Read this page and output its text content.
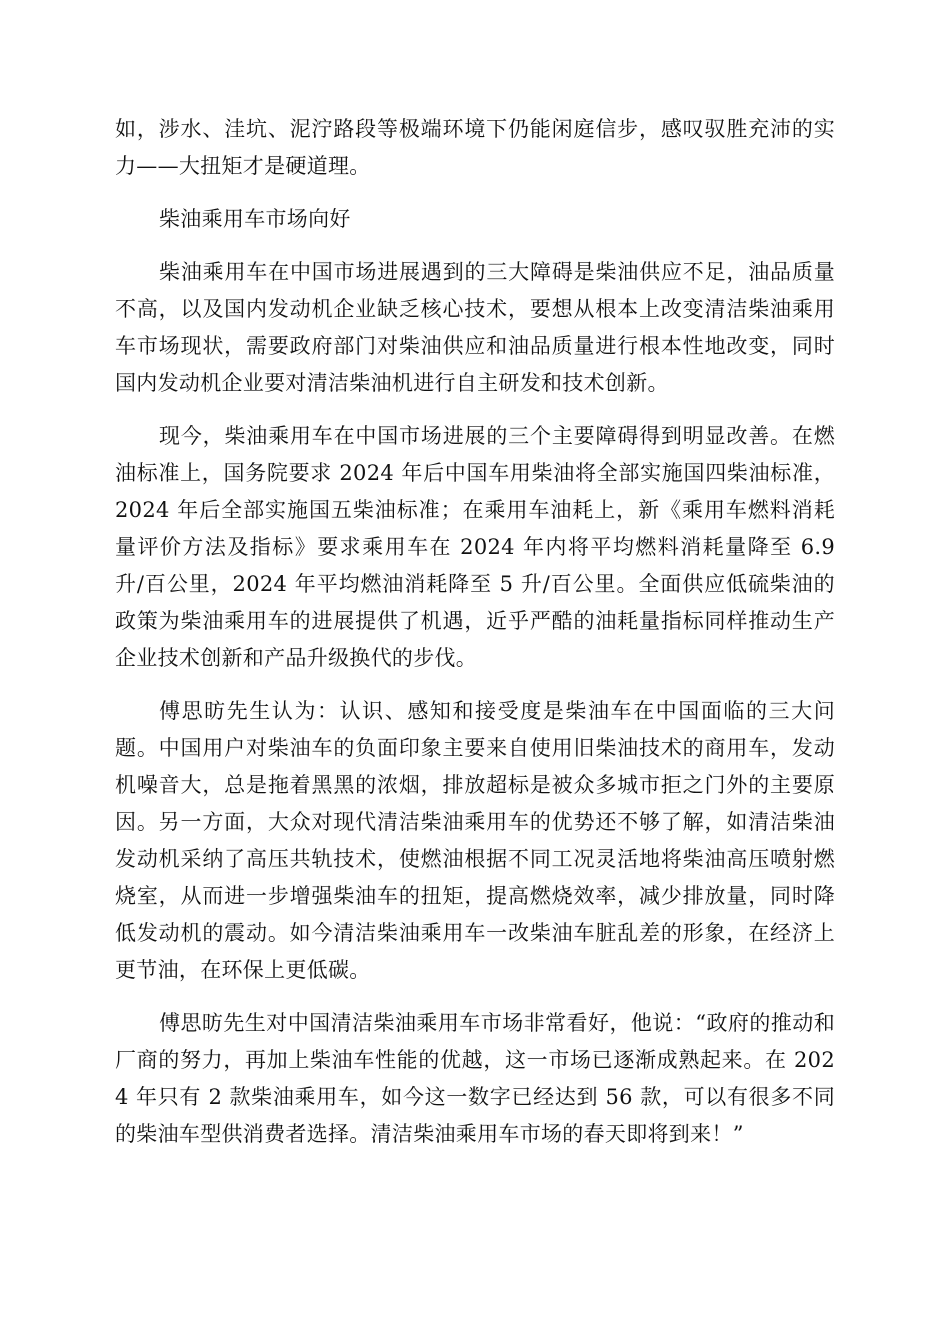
如，涉水、洼坑、泥泞路段等极端环境下仍能闲庭信步，感叹驭胜充沛的实力——大扭矩才是硬道理。

柴油乘用车市场向好

柴油乘用车在中国市场进展遇到的三大障碍是柴油供应不足，油品质量不高，以及国内发动机企业缺乏核心技术，要想从根本上改变清洁柴油乘用车市场现状，需要政府部门对柴油供应和油品质量进行根本性地改变，同时国内发动机企业要对清洁柴油机进行自主研发和技术创新。

现今，柴油乘用车在中国市场进展的三个主要障碍得到明显改善。在燃油标准上，国务院要求 2024 年后中国车用柴油将全部实施国四柴油标准，2024 年后全部实施国五柴油标准；在乘用车油耗上，新《乘用车燃料消耗量评价方法及指标》要求乘用车在 2024 年内将平均燃料消耗量降至 6.9 升/百公里，2024 年平均燃油消耗降至 5 升/百公里。全面供应低硫柴油的政策为柴油乘用车的进展提供了机遇，近乎严酷的油耗量指标同样推动生产企业技术创新和产品升级换代的步伐。

傅思昉先生认为：认识、感知和接受度是柴油车在中国面临的三大问题。中国用户对柴油车的负面印象主要来自使用旧柴油技术的商用车，发动机噪音大，总是拖着黑黑的浓烟，排放超标是被众多城市拒之门外的主要原因。另一方面，大众对现代清洁柴油乘用车的优势还不够了解，如清洁柴油发动机采纳了高压共轨技术，使燃油根据不同工况灵活地将柴油高压喷射燃烧室，从而进一步增强柴油车的扭矩，提高燃烧效率，减少排放量，同时降低发动机的震动。如今清洁柴油乘用车一改柴油车脏乱差的形象，在经济上更节油，在环保上更低碳。

傅思昉先生对中国清洁柴油乘用车市场非常看好，他说：“政府的推动和厂商的努力，再加上柴油车性能的优越，这一市场已逐渐成熟起来。在 2024 年只有 2 款柴油乘用车，如今这一数字已经达到 56 款，可以有很多不同的柴油车型供消费者选择。清洁柴油乘用车市场的春天即将到来！”
